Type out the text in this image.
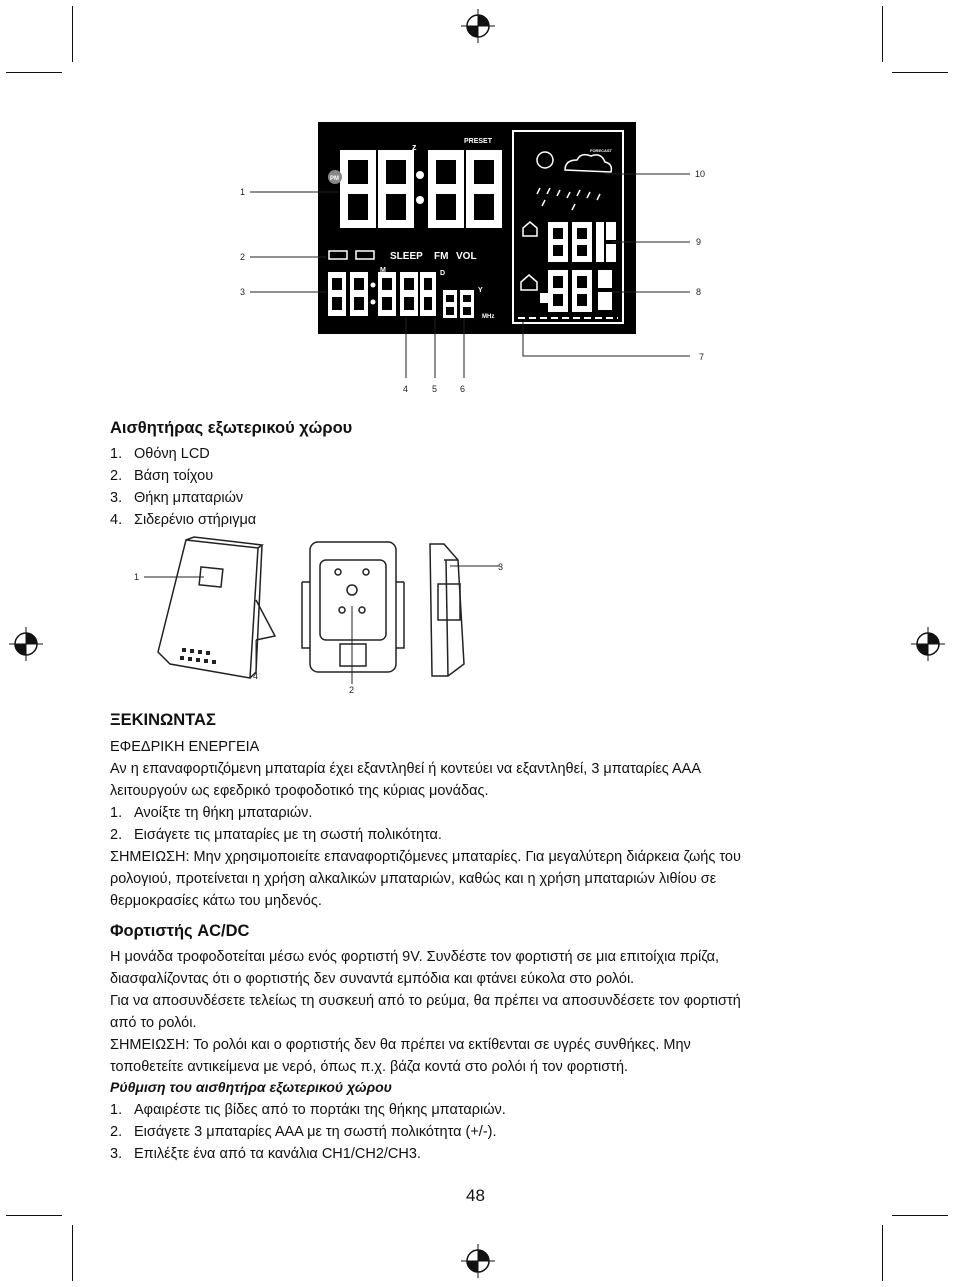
PM
z
PRESET
SLEEP FM VOL
M	D
Y
MHz
FORECAST
1
2
3
4	5	6
7
8
9
10
Αισθητήρας εξωτερικού χώρου
1. Οθόνη LCD
2. Βάση τοίχου
3. Θήκη μπαταριών
4. Σιδερένιο στήριγμα
1
4
2
3
ΞΕΚΙΝΩΝΤΑΣ
ΕΦΕΔΡΙΚΗ ΕΝΕΡΓΕΙΑ
Αν η επαναφορτιζόμενη μπαταρία έχει εξαντληθεί ή κοντεύει να εξαντληθεί, 3 μπαταρίες ΑΑΑ
λειτουργούν ως εφεδρικό τροφοδοτικό της κύριας μονάδας.
1. Ανοίξτε τη θήκη μπαταριών.
2. Εισάγετε τις μπαταρίες με τη σωστή πολικότητα.
ΣΗΜΕΙΩΣΗ: Μην χρησιμοποιείτε επαναφορτιζόμενες μπαταρίες. Για μεγαλύτερη διάρκεια ζωής του
ρολογιού, προτείνεται η χρήση αλκαλικών μπαταριών, καθώς και η χρήση μπαταριών λιθίου σε
θερμοκρασίες κάτω του μηδενός.
Φορτιστής AC/DC
Η μονάδα τροφοδοτείται μέσω ενός φορτιστή 9V. Συνδέστε τον φορτιστή σε μια επιτοίχια πρίζα,
διασφαλίζοντας ότι ο φορτιστής δεν συναντά εμπόδια και φτάνει εύκολα στο ρολόι.
Για να αποσυνδέσετε τελείως τη συσκευή από το ρεύμα, θα πρέπει να αποσυνδέσετε τον φορτιστή
από το ρολόι.
ΣΗΜΕΙΩΣΗ: Το ρολόι και ο φορτιστής δεν θα πρέπει να εκτίθενται σε υγρές συνθήκες. Μην
τοποθετείτε αντικείμενα με νερό, όπως π.χ. βάζα κοντά στο ρολόι ή τον φορτιστή.
Ρύθμιση του αισθητήρα εξωτερικού χώρου
1. Αφαιρέστε τις βίδες από το πορτάκι της θήκης μπαταριών.
2. Εισάγετε 3 μπαταρίες ΑΑΑ με τη σωστή πολικότητα (+/-).
3. Επιλέξτε ένα από τα κανάλια CH1/CH2/CH3.
48
